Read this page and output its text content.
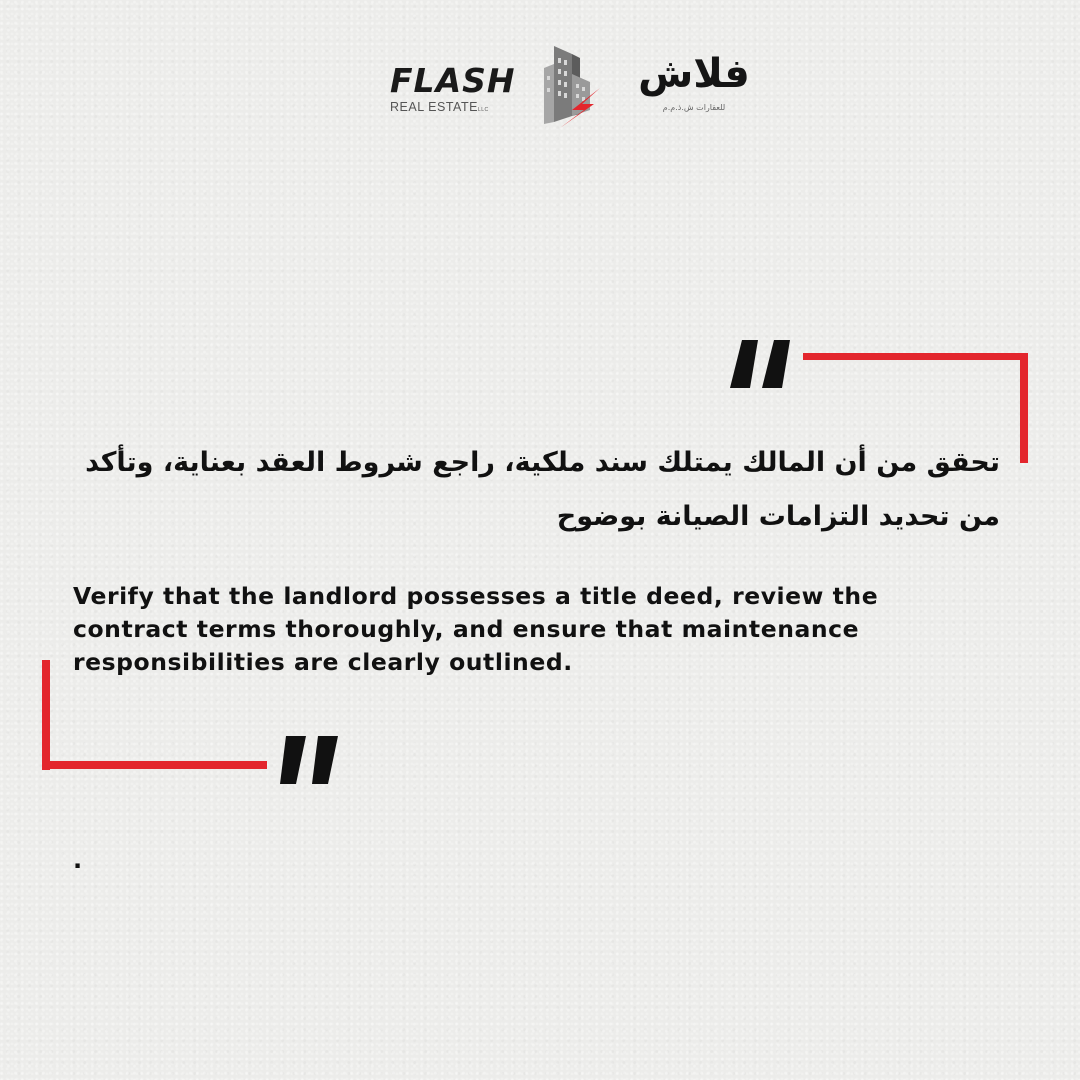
FLASH
REAL ESTATELLC
فلاش
للعقارات ش.ذ.م.م
تحقق من أن المالك يمتلك سند ملكية، راجع شروط العقد بعناية، وتأكد من تحديد التزامات الصيانة بوضوح
Verify that the landlord possesses a title deed, review the contract terms thoroughly, and ensure that maintenance responsibilities are clearly outlined.
.
